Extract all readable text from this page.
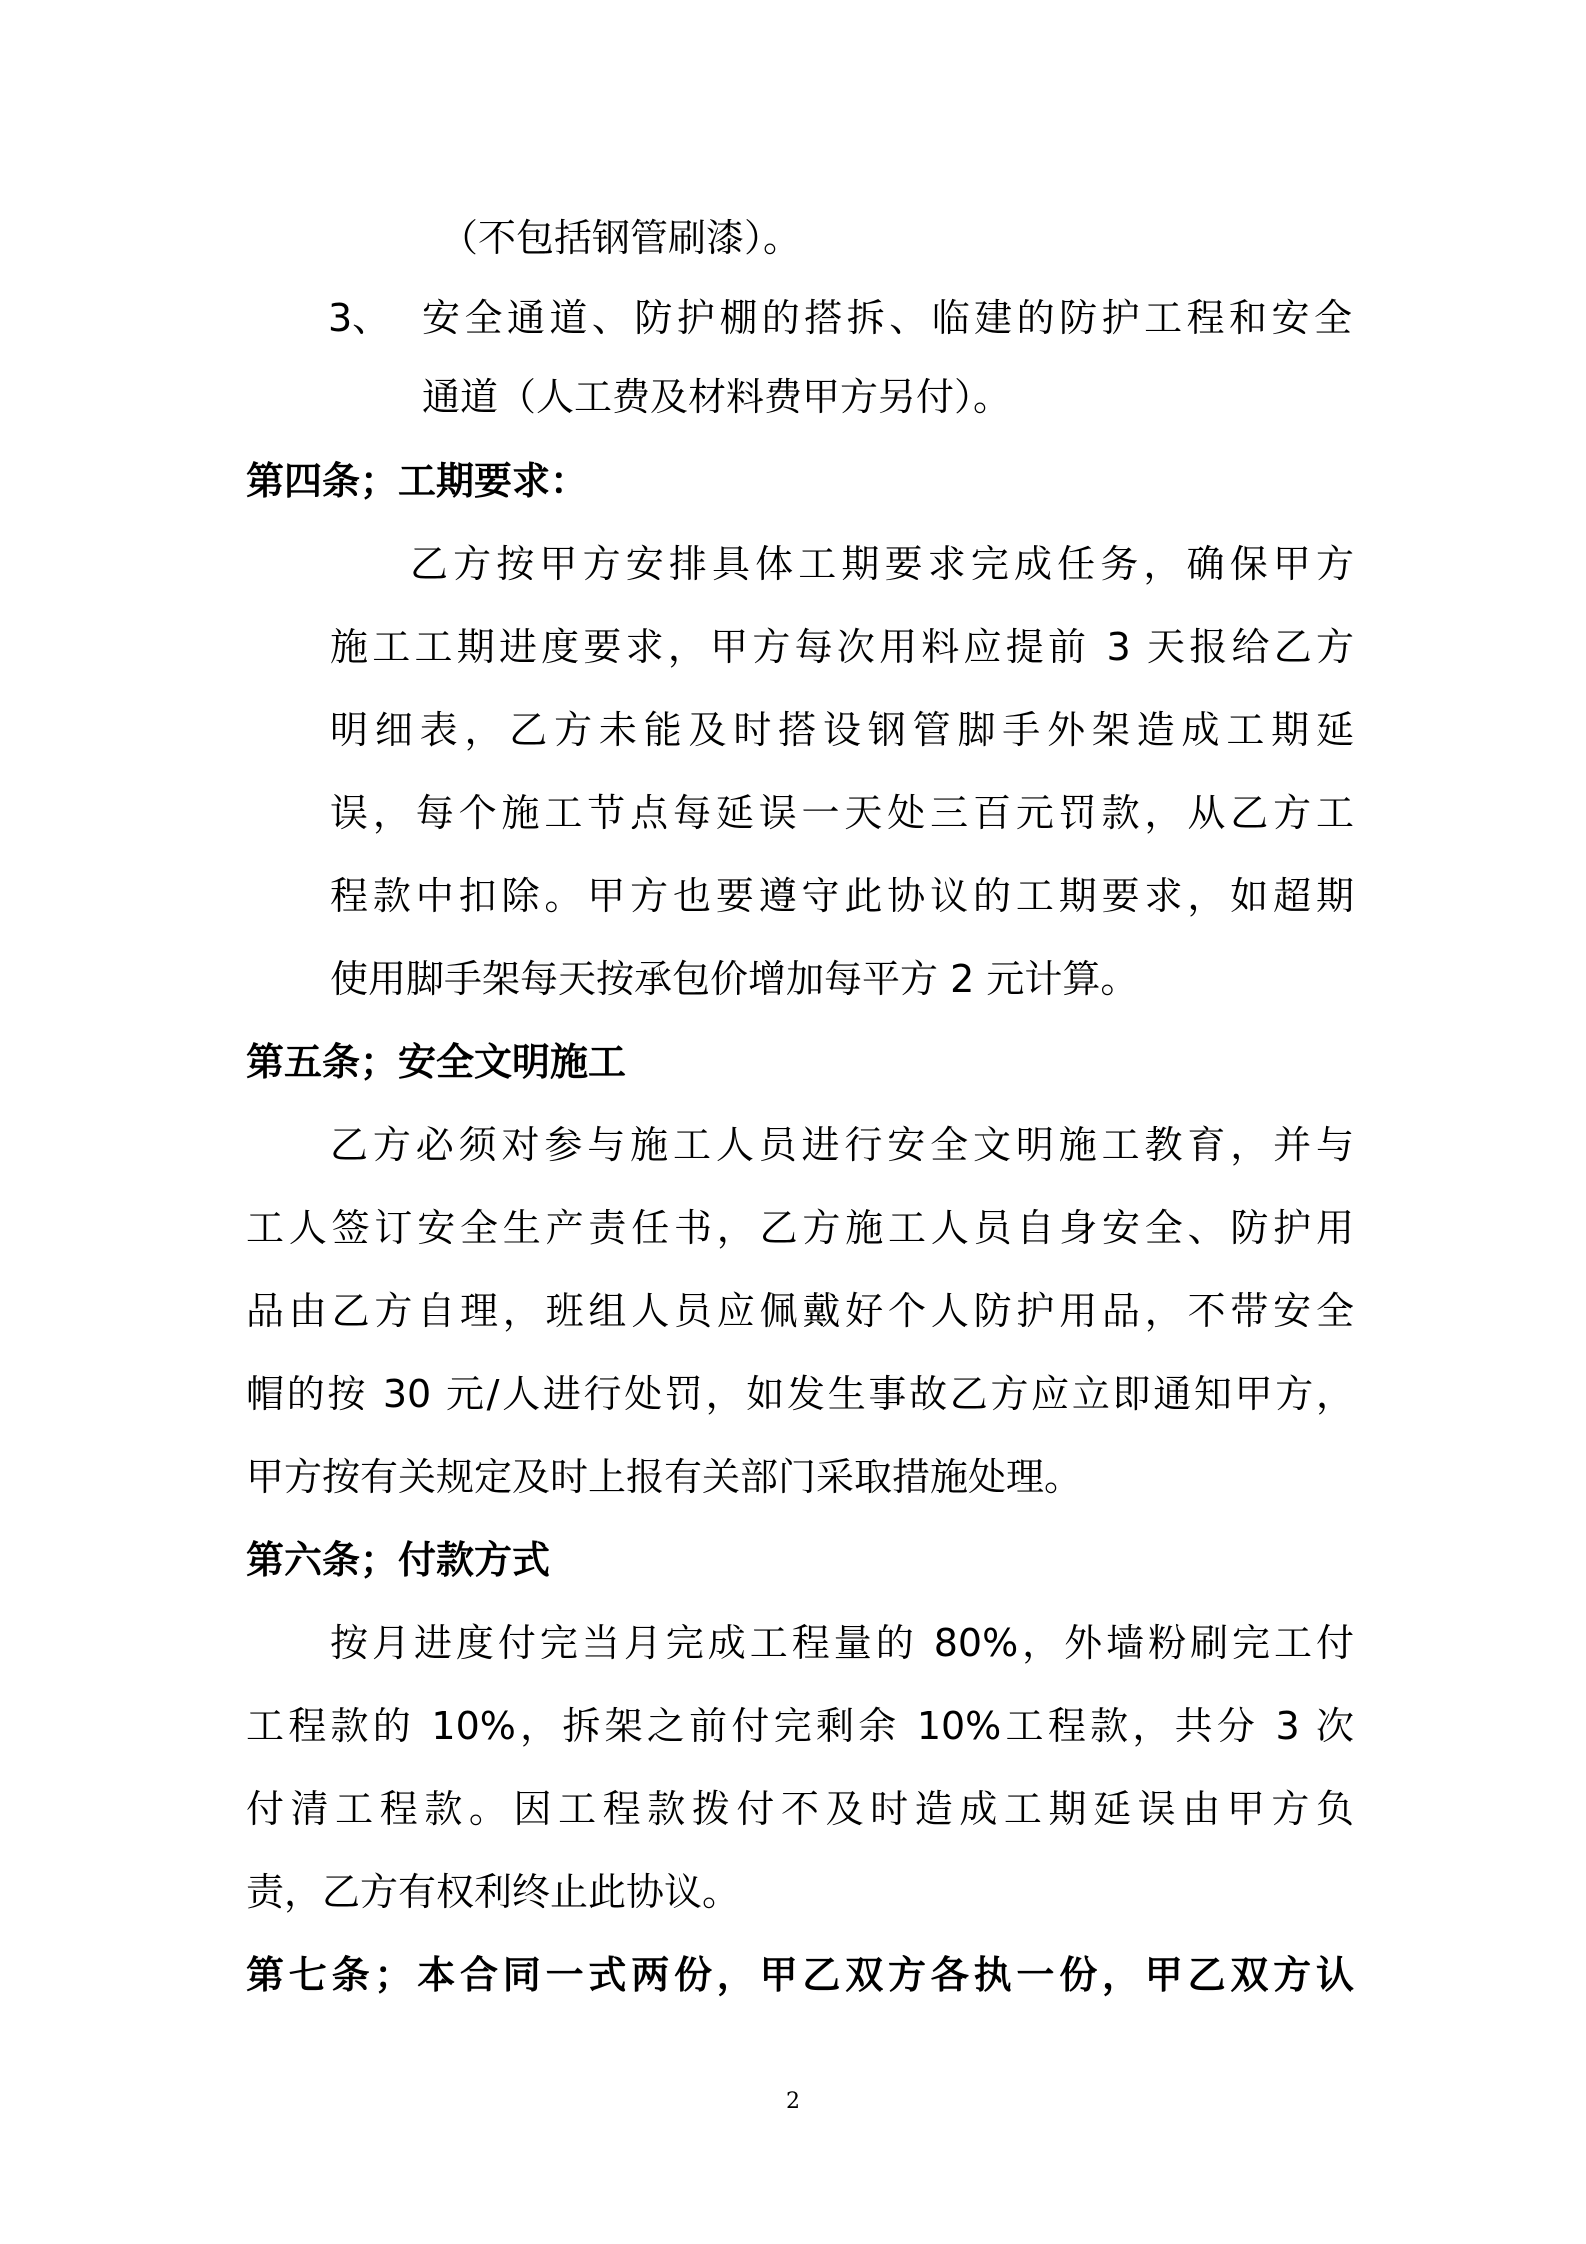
（不包括钢管刷漆）。
3、 安全通道、防护棚的搭拆、临建的防护工程和安全
通道（人工费及材料费甲方另付）。
第四条；工期要求：
乙方按甲方安排具体工期要求完成任务，确保甲方
施工工期进度要求，甲方每次用料应提前 3 天报给乙方
明细表，乙方未能及时搭设钢管脚手外架造成工期延
误，每个施工节点每延误一天处三百元罚款，从乙方工
程款中扣除。甲方也要遵守此协议的工期要求，如超期
使用脚手架每天按承包价增加每平方 2 元计算。
第五条；安全文明施工
乙方必须对参与施工人员进行安全文明施工教育，并与
工人签订安全生产责任书，乙方施工人员自身安全、防护用
品由乙方自理，班组人员应佩戴好个人防护用品，不带安全
帽的按 30 元/人进行处罚，如发生事故乙方应立即通知甲方，
甲方按有关规定及时上报有关部门采取措施处理。
第六条；付款方式
按月进度付完当月完成工程量的 80%，外墙粉刷完工付
工程款的 10%，拆架之前付完剩余 10%工程款，共分 3 次
付清工程款。因工程款拨付不及时造成工期延误由甲方负
责，乙方有权利终止此协议。
第七条；本合同一式两份，甲乙双方各执一份，甲乙双方认
2
